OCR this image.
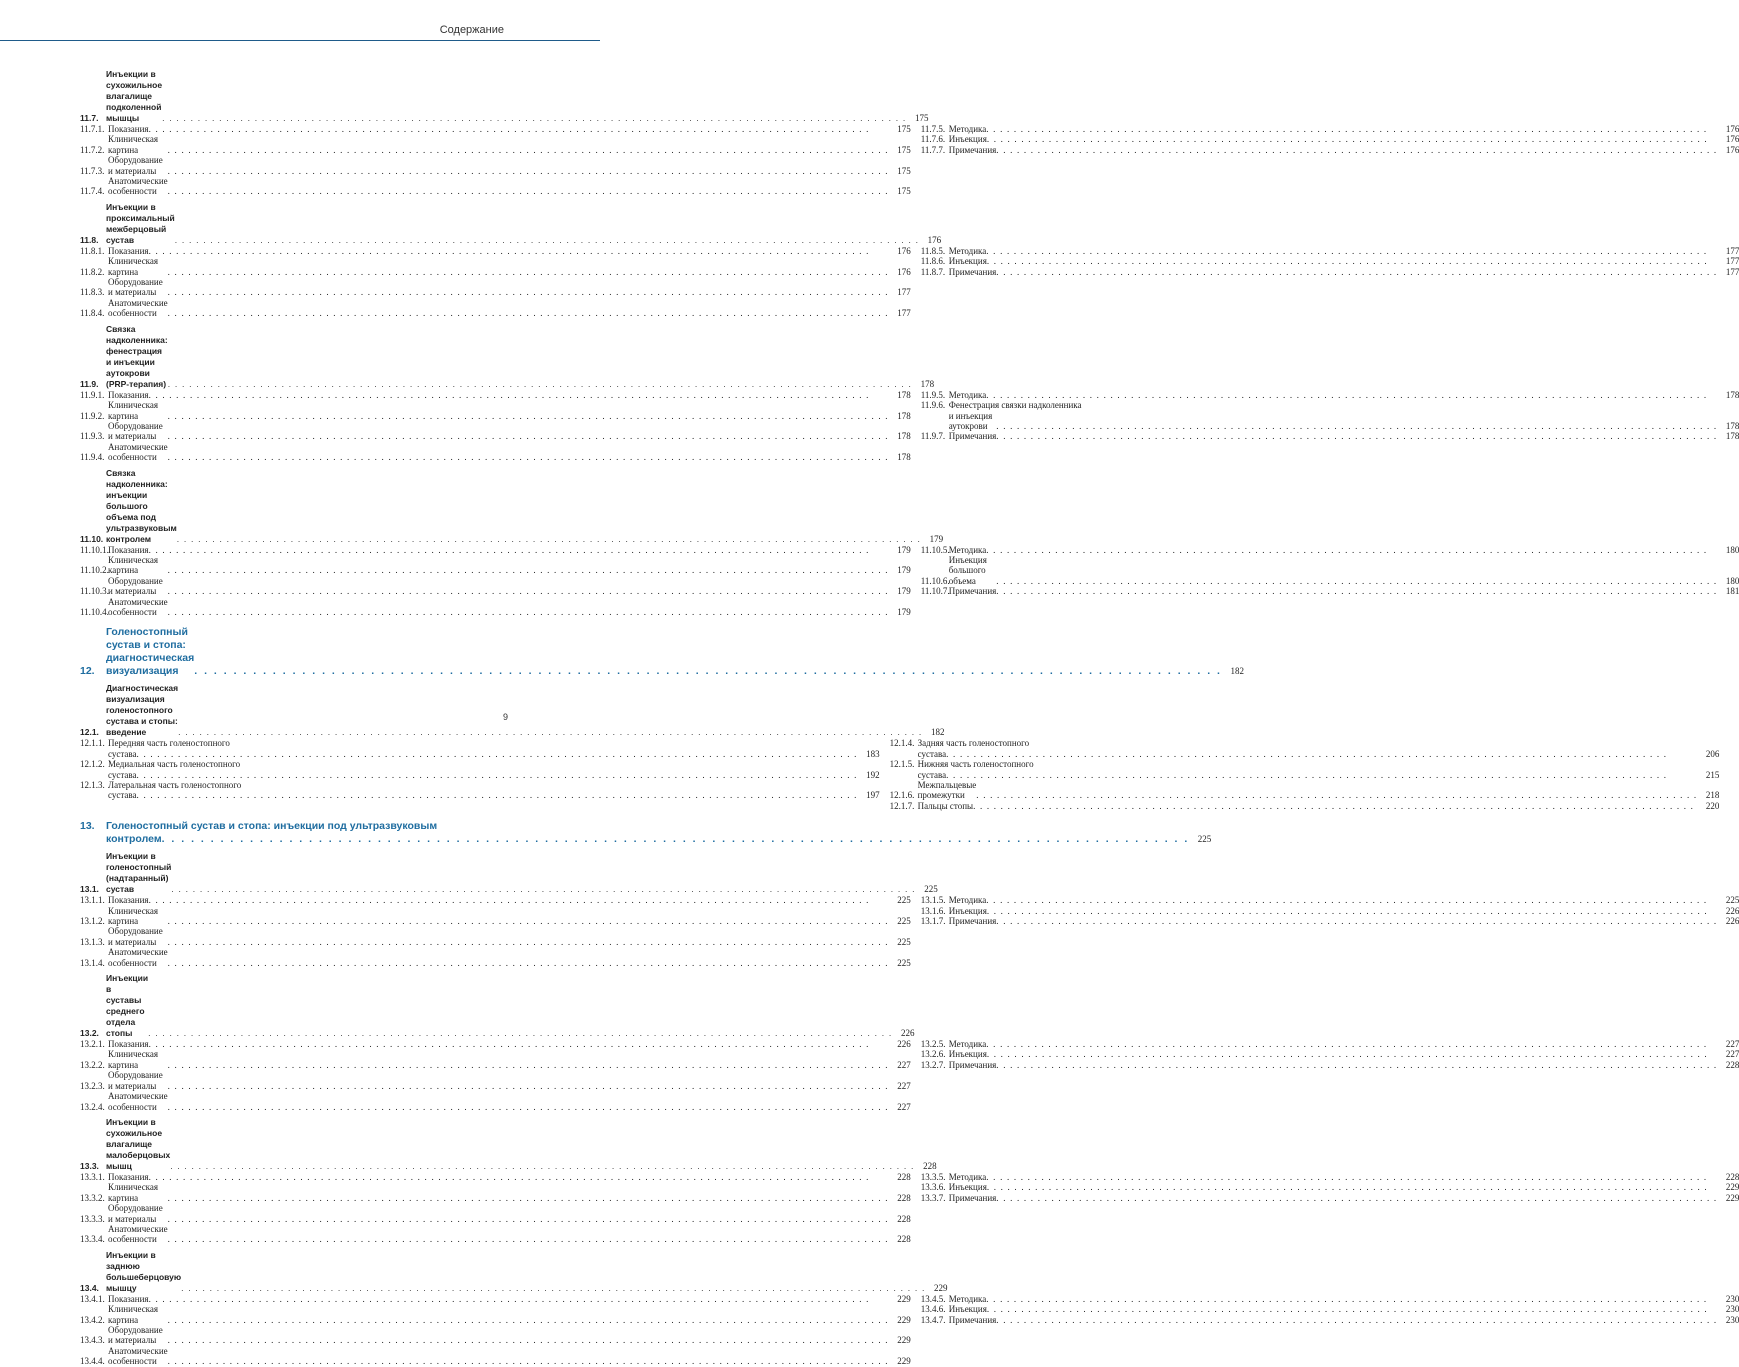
Содержание
11.7.
Инъекции в сухожильное влагалище подколенной мышцы . . .	175
11.7.1. Показания . . .	175
11.7.2.
Клиническая картина . . .	175
11.7.3.
Оборудование и материалы . . .	175
11.7.4.
Анатомические особенности . . .	175
11.7.5. Методика . . .	176
11.7.6. Инъекция . . .	176
11.7.7. Примечания . . .	176
11.8.
Инъекции в проксимальный межберцовый сустав . . .	176
11.8.1. Показания . . .	176
11.8.2.
Клиническая картина . . .	176
11.8.3.
Оборудование и материалы . . .	177
11.8.4.
Анатомические особенности . . .	177
11.8.5. Методика . . .	177
11.8.6. Инъекция . . .	177
11.8.7. Примечания . . .	177
11.9.
Связка надколенника: фенестрация и инъекции аутокрови (PRP-терапия) . . .	178
11.9.1. Показания . . .	178
11.9.2.
Клиническая картина . . .	178
11.9.3.
Оборудование и материалы . . .	178
11.9.4.
Анатомические особенности . . .	178
11.9.5. Методика . . .	178
11.9.6. Фенестрация связки надколенника
и инъекция аутокрови . . .	178
11.9.7. Примечания . . .	178
11.10.
Связка надколенника: инъекции большого объема под ультразвуковым контролем . . .	179
11.10.1. Показания . . .	179
11.10.2.
Клиническая картина . . .	179
11.10.3.
Оборудование и материалы . . .	179
11.10.4.
Анатомические особенности . . .	179
11.10.5. Методика . . .	180
11.10.6.
Инъекция большого объема . . .	180
11.10.7. Примечания . . .	181
12.
Голеностопный сустав и стопа: диагностическая визуализация . . .	182
12.1.
Диагностическая визуализация голеностопного сустава и стопы: введение . . .	182
12.1.1. Передняя часть голеностопного
сустава . . .	183
12.1.2. Медиальная часть голеностопного
сустава . . .	192
12.1.3. Латеральная часть голеностопного
сустава . . .	197
12.1.4. Задняя часть голеностопного
сустава . . .	206
12.1.5. Нижняя часть голеностопного
сустава . . .	215
12.1.6.
Межпальцевые промежутки . . .	218
12.1.7. Пальцы стопы . . .	220
13.	Голеностопный сустав и стопа: инъекции под ультразвуковым
контролем . . .	225
13.1.
Инъекции в голеностопный (надтаранный) сустав . . .	225
13.1.1. Показания . . .	225
13.1.2.
Клиническая картина . . .	225
13.1.3.
Оборудование и материалы . . .	225
13.1.4.
Анатомические особенности . . .	225
13.1.5. Методика . . .	225
13.1.6. Инъекция . . .	226
13.1.7. Примечания . . .	226
13.2.
Инъекции в суставы среднего отдела стопы . . .	226
13.2.1. Показания . . .	226
13.2.2.
Клиническая картина . . .	227
13.2.3.
Оборудование и материалы . . .	227
13.2.4.
Анатомические особенности . . .	227
13.2.5. Методика . . .	227
13.2.6. Инъекция . . .	227
13.2.7. Примечания . . .	228
13.3.
Инъекции в сухожильное влагалище малоберцовых мышц . . .	228
13.3.1. Показания . . .	228
13.3.2.
Клиническая картина . . .	228
13.3.3.
Оборудование и материалы . . .	228
13.3.4.
Анатомические особенности . . .	228
13.3.5. Методика . . .	228
13.3.6. Инъекция . . .	229
13.3.7. Примечания . . .	229
13.4.
Инъекции в заднюю большеберцовую мышцу . . .	229
13.4.1. Показания . . .	229
13.4.2.
Клиническая картина . . .	229
13.4.3.
Оборудование и материалы . . .	229
13.4.4.
Анатомические особенности . . .	229
13.4.5. Методика . . .	230
13.4.6. Инъекция . . .	230
13.4.7. Примечания . . .	230
9
